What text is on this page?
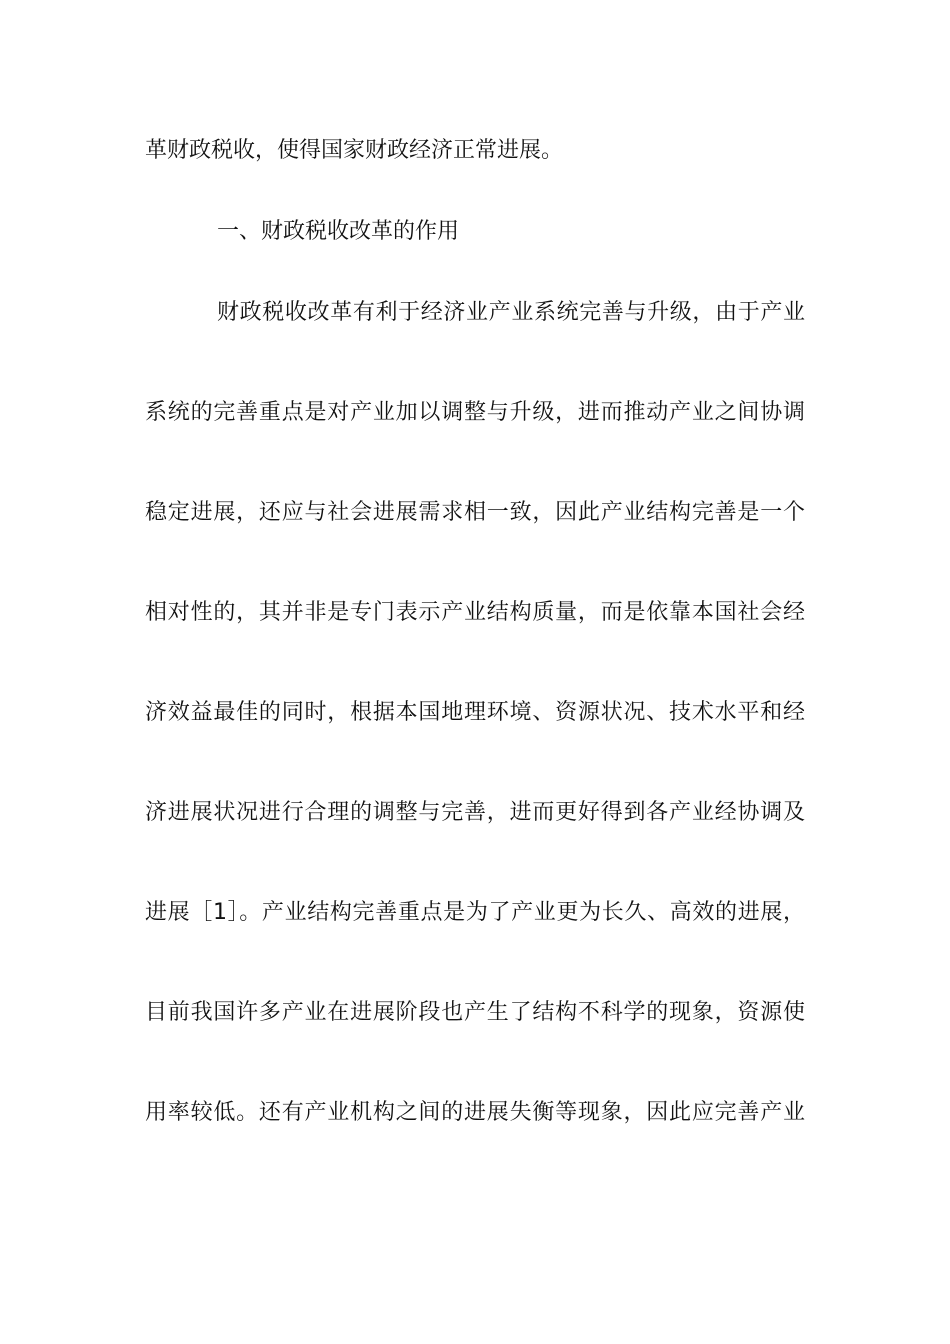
革财政税收，使得国家财政经济正常进展。
一、财政税收改革的作用
财政税收改革有利于经济业产业系统完善与升级，由于产业
系统的完善重点是对产业加以调整与升级，进而推动产业之间协调
稳定进展，还应与社会进展需求相一致，因此产业结构完善是一个
相对性的，其并非是专门表示产业结构质量，而是依靠本国社会经
济效益最佳的同时，根据本国地理环境、资源状况、技术水平和经
济进展状况进行合理的调整与完善，进而更好得到各产业经协调及
进展［1］。产业结构完善重点是为了产业更为长久、高效的进展，
目前我国许多产业在进展阶段也产生了结构不科学的现象，资源使
用率较低。还有产业机构之间的进展失衡等现象，因此应完善产业
